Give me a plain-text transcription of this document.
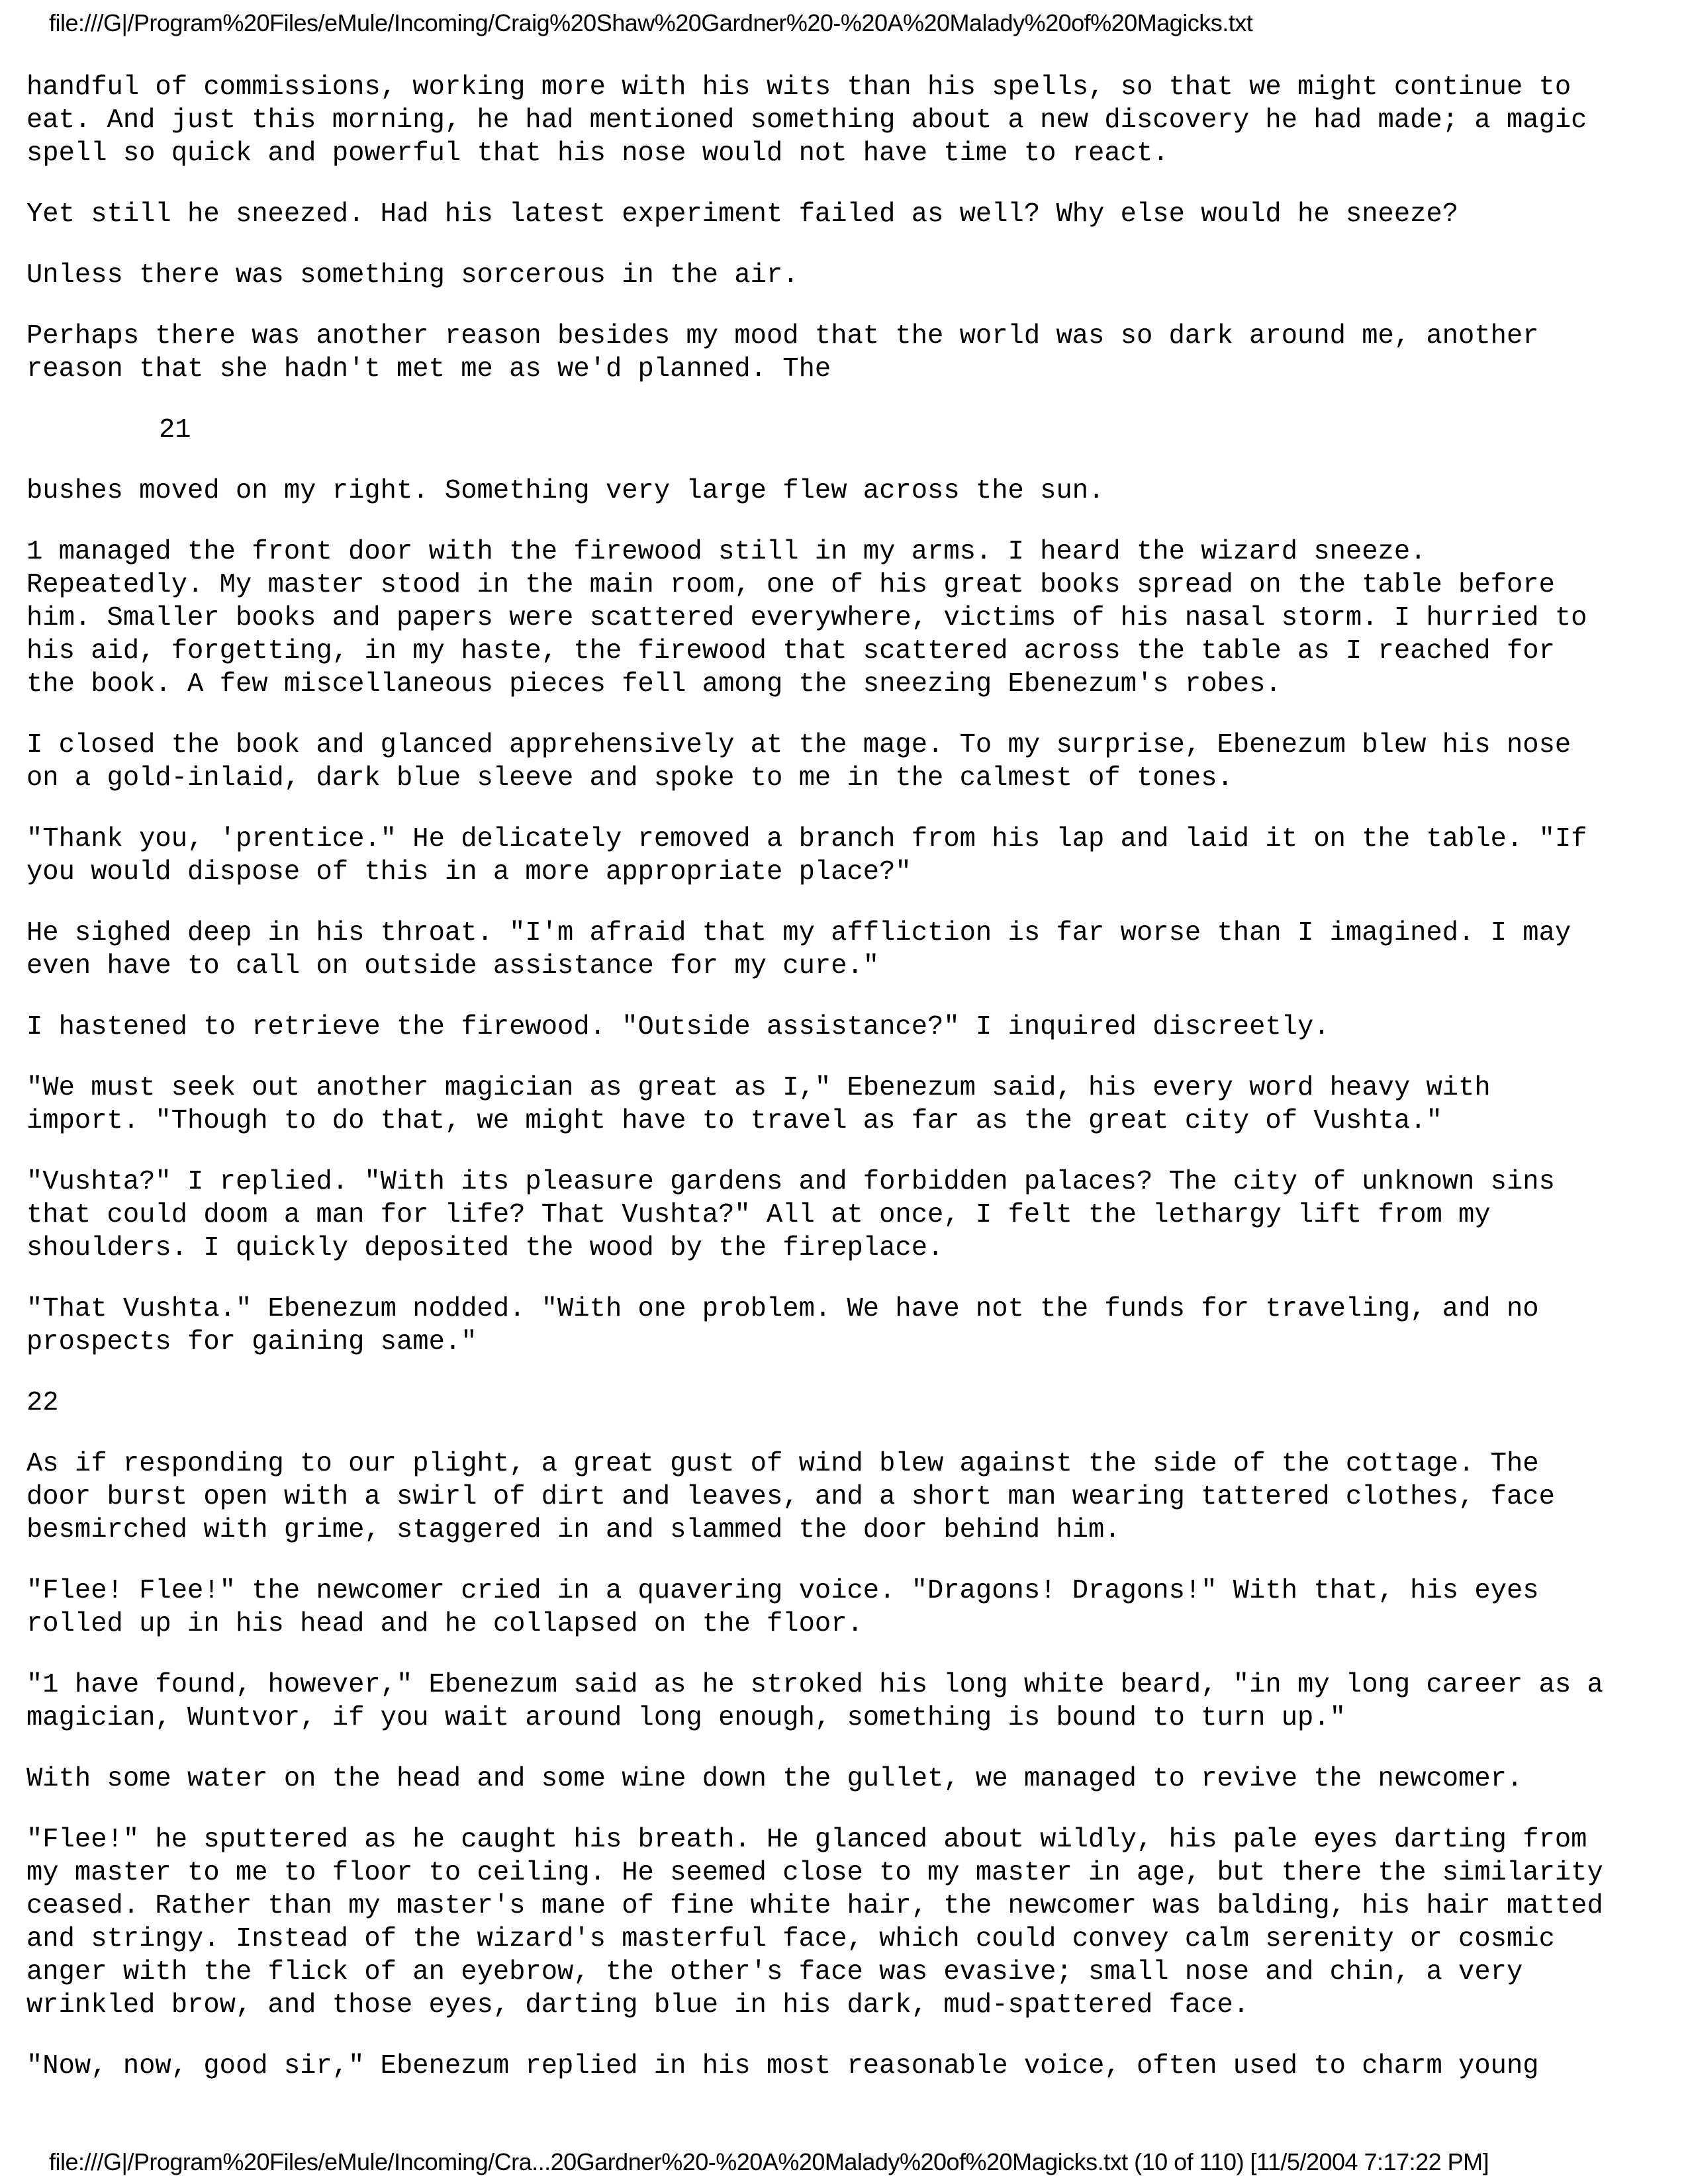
file:///G|/Program%20Files/eMule/Incoming/Craig%20Shaw%20Gardner%20-%20A%20Malady%20of%20Magicks.txt

handful of commissions, working more with his wits than his spells, so that we might continue to
eat. And just this morning, he had mentioned something about a new discovery he had made; a magic
spell so quick and powerful that his nose would not have time to react.

Yet still he sneezed. Had his latest experiment failed as well? Why else would he sneeze?

Unless there was something sorcerous in the air.

Perhaps there was another reason besides my mood that the world was so dark around me, another
reason that she hadn't met me as we'd planned. The

21

bushes moved on my right. Something very large flew across the sun.

1 managed the front door with the firewood still in my arms. I heard the wizard sneeze.
Repeatedly. My master stood in the main room, one of his great books spread on the table before
him. Smaller books and papers were scattered everywhere, victims of his nasal storm. I hurried to
his aid, forgetting, in my haste, the firewood that scattered across the table as I reached for
the book. A few miscellaneous pieces fell among the sneezing Ebenezum's robes.

I closed the book and glanced apprehensively at the mage. To my surprise, Ebenezum blew his nose
on a gold-inlaid, dark blue sleeve and spoke to me in the calmest of tones.

"Thank you, 'prentice." He delicately removed a branch from his lap and laid it on the table. "If
you would dispose of this in a more appropriate place?"

He sighed deep in his throat. "I'm afraid that my affliction is far worse than I imagined. I may
even have to call on outside assistance for my cure."

I hastened to retrieve the firewood. "Outside assistance?" I inquired discreetly.

"We must seek out another magician as great as I," Ebenezum said, his every word heavy with
import. "Though to do that, we might have to travel as far as the great city of Vushta."

"Vushta?" I replied. "With its pleasure gardens and forbidden palaces? The city of unknown sins
that could doom a man for life? That Vushta?" All at once, I felt the lethargy lift from my
shoulders. I quickly deposited the wood by the fireplace.

"That Vushta." Ebenezum nodded. "With one problem. We have not the funds for traveling, and no
prospects for gaining same."

22

As if responding to our plight, a great gust of wind blew against the side of the cottage. The
door burst open with a swirl of dirt and leaves, and a short man wearing tattered clothes, face
besmirched with grime, staggered in and slammed the door behind him.

"Flee! Flee!" the newcomer cried in a quavering voice. "Dragons! Dragons!" With that, his eyes
rolled up in his head and he collapsed on the floor.

"1 have found, however," Ebenezum said as he stroked his long white beard, "in my long career as a
magician, Wuntvor, if you wait around long enough, something is bound to turn up."

With some water on the head and some wine down the gullet, we managed to revive the newcomer.

"Flee!" he sputtered as he caught his breath. He glanced about wildly, his pale eyes darting from
my master to me to floor to ceiling. He seemed close to my master in age, but there the similarity
ceased. Rather than my master's mane of fine white hair, the newcomer was balding, his hair matted
and stringy. Instead of the wizard's masterful face, which could convey calm serenity or cosmic
anger with the flick of an eyebrow, the other's face was evasive; small nose and chin, a very
wrinkled brow, and those eyes, darting blue in his dark, mud-spattered face.

"Now, now, good sir," Ebenezum replied in his most reasonable voice, often used to charm young

file:///G|/Program%20Files/eMule/Incoming/Cra...20Gardner%20-%20A%20Malady%20of%20Magicks.txt (10 of 110) [11/5/2004 7:17:22 PM]
